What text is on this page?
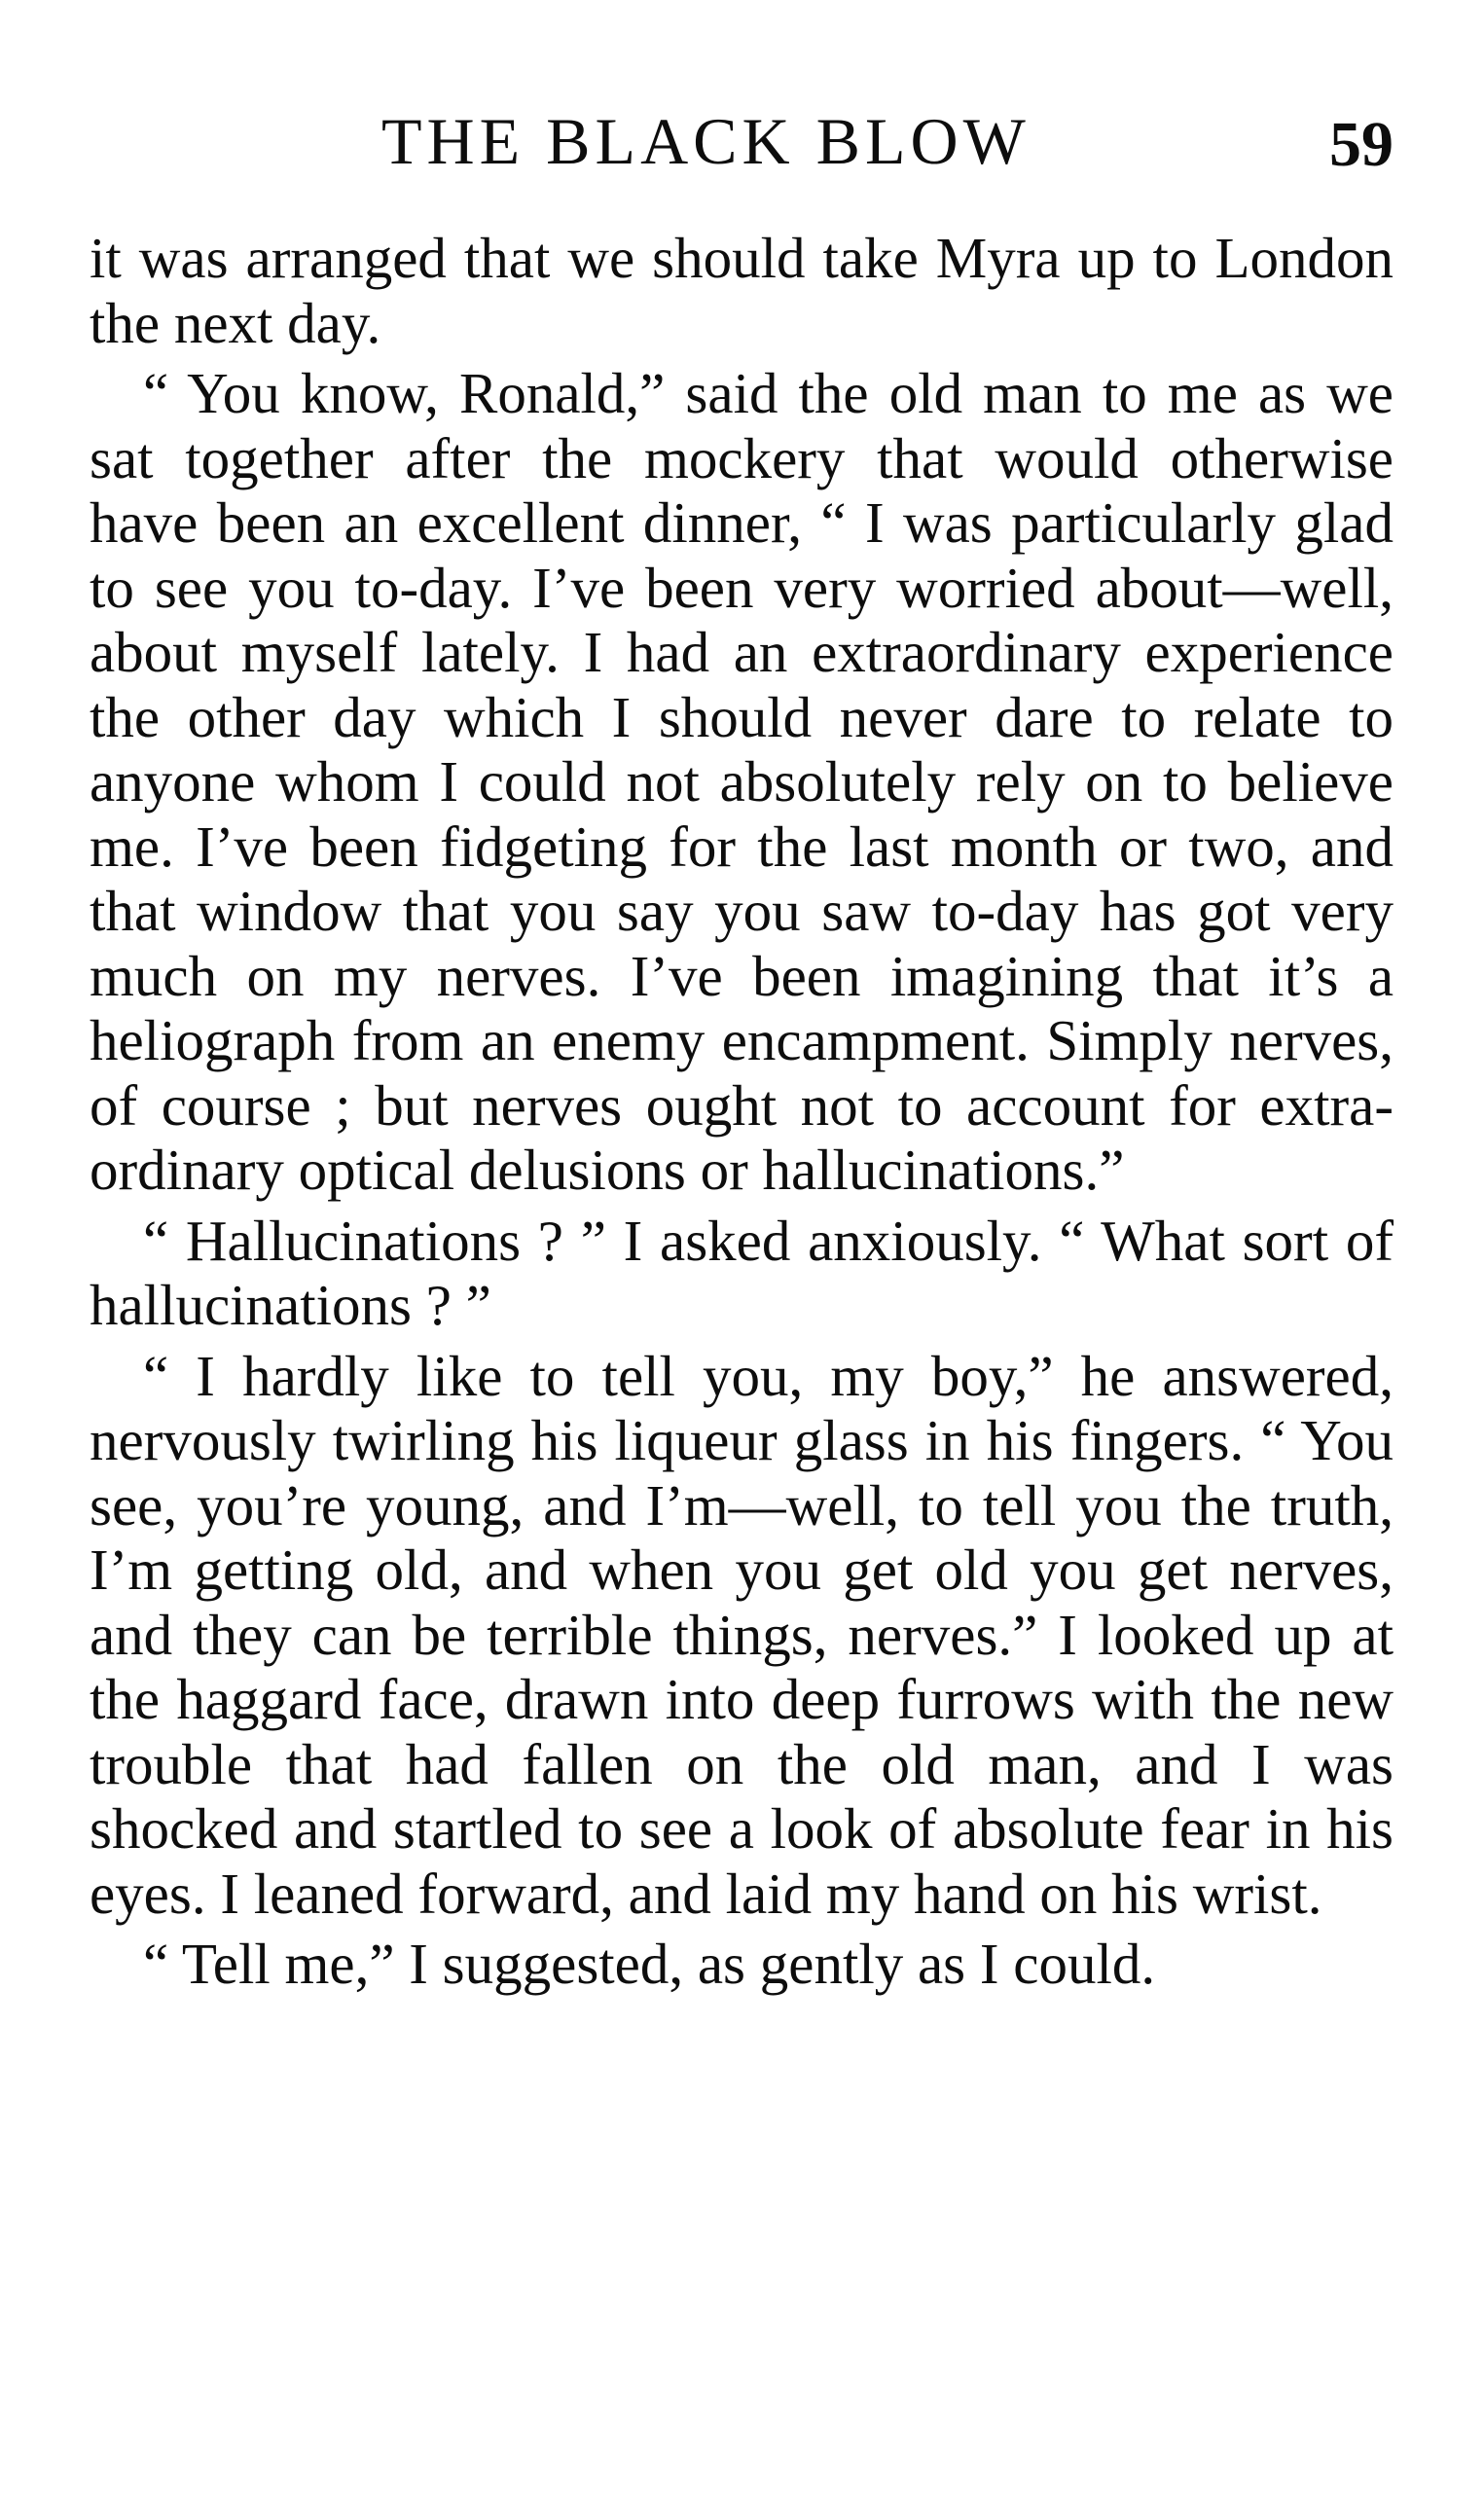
THE BLACK BLOW	59

it was arranged that we should take Myra up to London the next day.

“ You know, Ronald,” said the old man to me as we sat together after the mockery that would otherwise have been an excellent dinner, “ I was particularly glad to see you to-day. I’ve been very worried about—well, about myself lately. I had an extraordinary experience the other day which I should never dare to relate to anyone whom I could not absolutely rely on to believe me. I’ve been fidgeting for the last month or two, and that window that you say you saw to-day has got very much on my nerves. I’ve been imagining that it’s a heliograph from an enemy encampment. Simply nerves, of course ; but nerves ought not to account for extra-ordinary optical delusions or hallucinations.”

“ Hallucinations ? ” I asked anxiously. “ What sort of hallucinations ? ”

“ I hardly like to tell you, my boy,” he answered, nervously twirling his liqueur glass in his fingers. “ You see, you’re young, and I’m—well, to tell you the truth, I’m getting old, and when you get old you get nerves, and they can be terrible things, nerves.” I looked up at the haggard face, drawn into deep furrows with the new trouble that had fallen on the old man, and I was shocked and startled to see a look of absolute fear in his eyes. I leaned forward, and laid my hand on his wrist.

“ Tell me,” I suggested, as gently as I could.
